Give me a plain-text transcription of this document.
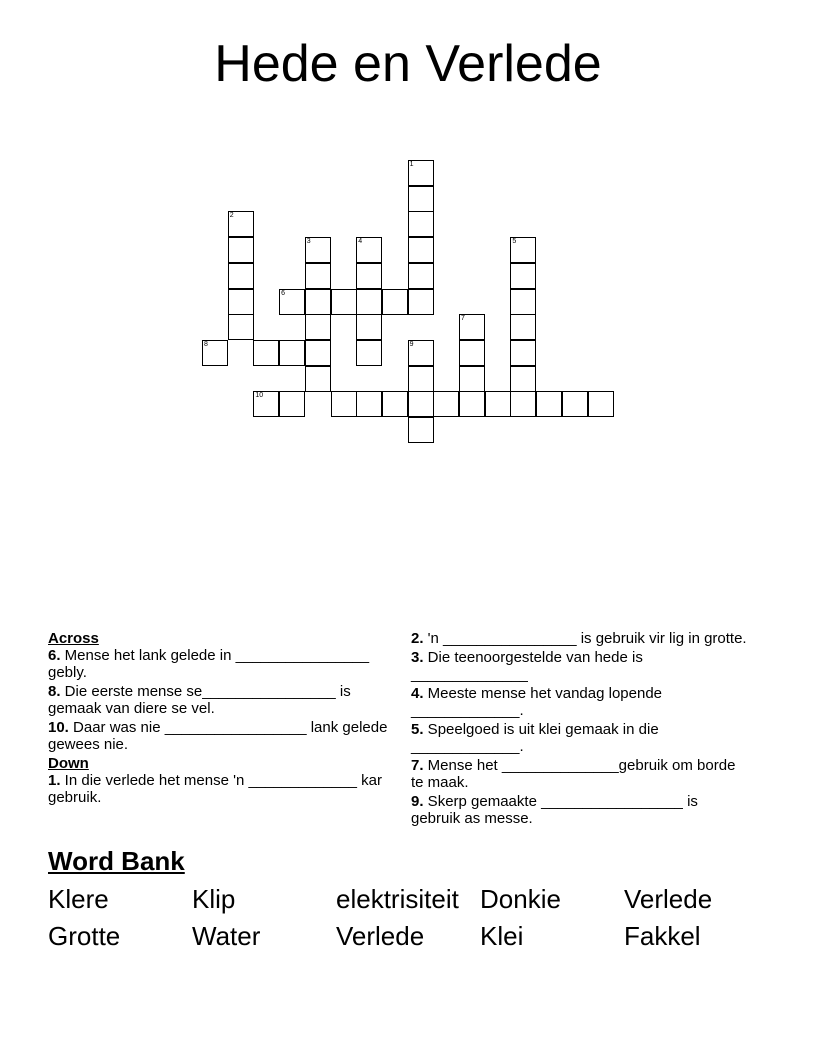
Hede en Verlede
1
2
3	4	5
6
7
8	9
10
Across
6. Mense het lank gelede in ________________ gebly.
8. Die eerste mense se________________ is gemaak van diere se vel.
10. Daar was nie _________________ lank gelede gewees nie.
Down
1. In die verlede het mense 'n _____________ kar gebruik.
2. 'n ________________ is gebruik vir lig in grotte.
3. Die teenoorgestelde van hede is ______________
4. Meeste mense het vandag lopende _____________.
5. Speelgoed is uit klei gemaak in die _____________.
7. Mense het ______________gebruik om borde te maak.
9. Skerp gemaakte _________________ is gebruik as messe.
Word Bank
Klere	Klip	elektrisiteit Donkie Verlede
Grotte	Water	Verlede Klei	Fakkel
